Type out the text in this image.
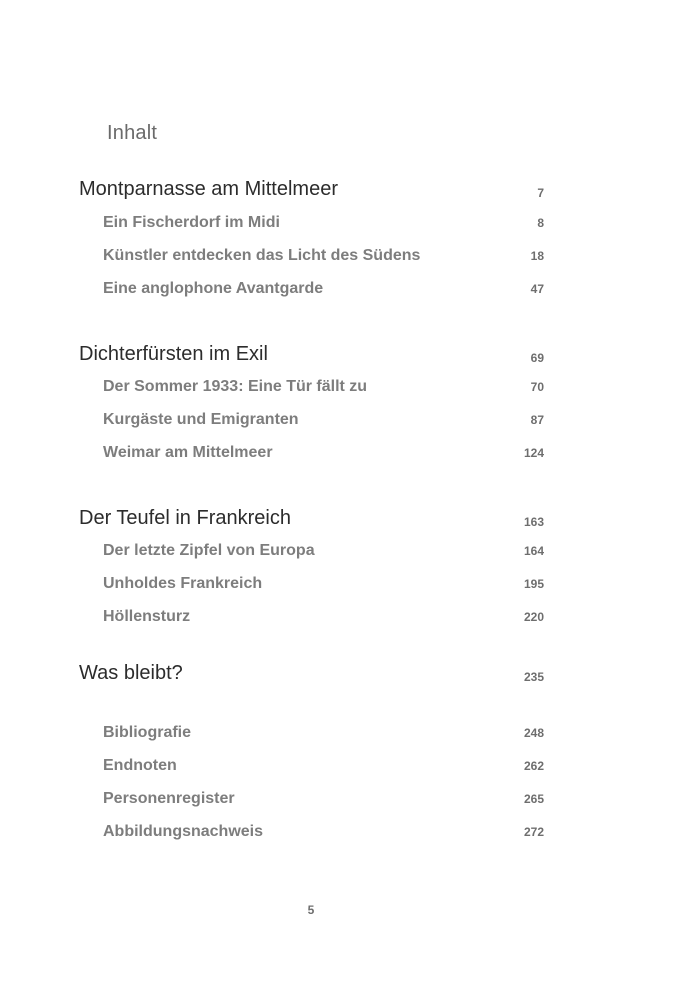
Inhalt
Montparnasse am Mittelmeer	7
Ein Fischerdorf im Midi	8
Künstler entdecken das Licht des Südens	18
Eine anglophone Avantgarde	47
Dichterfürsten im Exil	69
Der Sommer 1933: Eine Tür fällt zu	70
Kurgäste und Emigranten	87
Weimar am Mittelmeer	124
Der Teufel in Frankreich	163
Der letzte Zipfel von Europa	164
Unholdes Frankreich	195
Höllensturz	220
Was bleibt?	235
Bibliografie	248
Endnoten	262
Personenregister	265
Abbildungsnachweis	272
5
